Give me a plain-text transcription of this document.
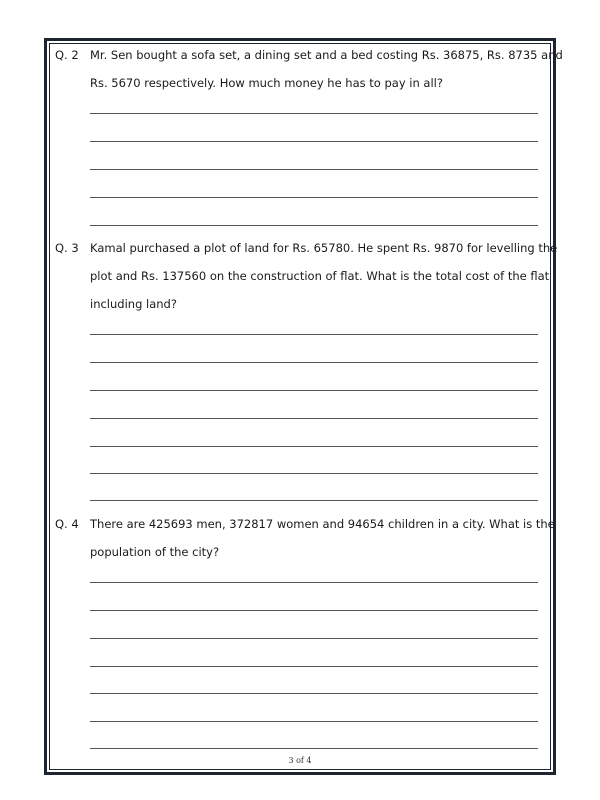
Q. 2 Mr. Sen bought a sofa set, a dining set and a bed costing Rs. 36875, Rs. 8735 and
Rs. 5670 respectively. How much money he has to pay in all?
Q. 3 Kamal purchased a plot of land for Rs. 65780. He spent Rs. 9870 for levelling the
plot and Rs. 137560 on the construction of flat. What is the total cost of the flat
including land?
Q. 4 There are 425693 men, 372817 women and 94654 children in a city. What is the
population of the city?
3 of 4
